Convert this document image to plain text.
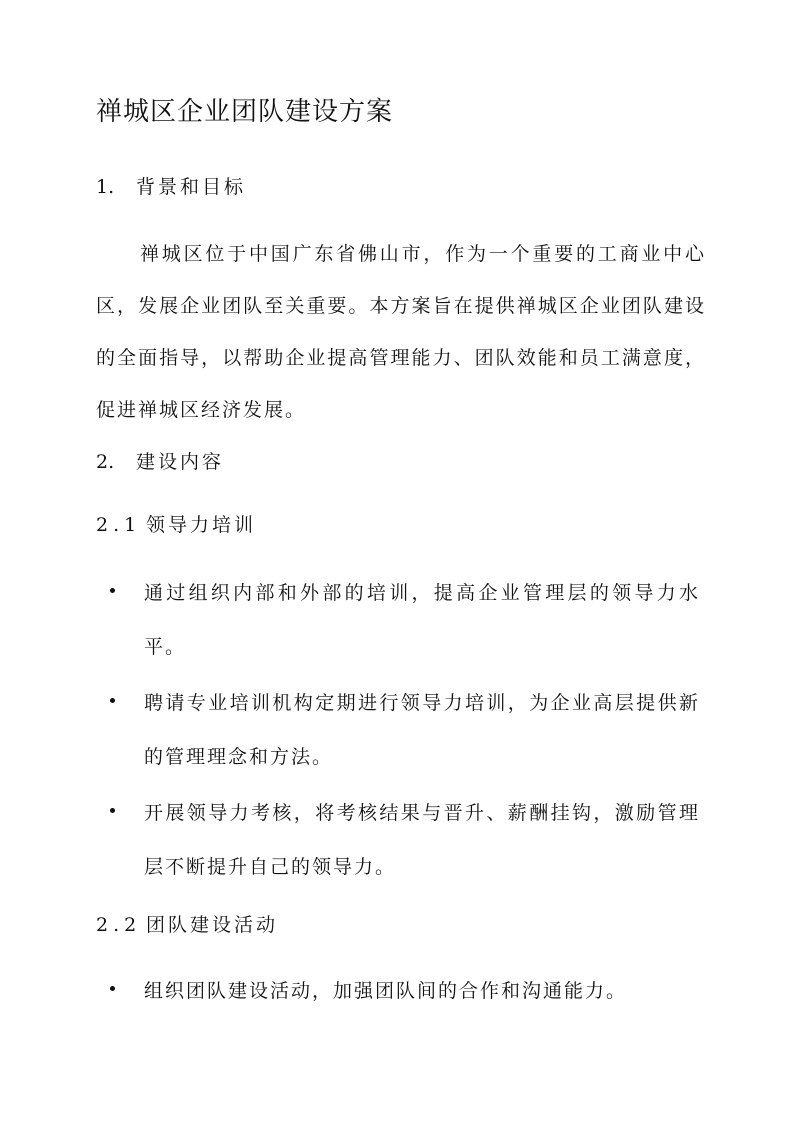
禅城区企业团队建设方案
1. 背景和目标
禅城区位于中国广东省佛山市，作为一个重要的工商业中心区，发展企业团队至关重要。本方案旨在提供禅城区企业团队建设的全面指导，以帮助企业提高管理能力、团队效能和员工满意度，促进禅城区经济发展。
2. 建设内容
2.1 领导力培训
通过组织内部和外部的培训，提高企业管理层的领导力水平。
聘请专业培训机构定期进行领导力培训，为企业高层提供新的管理理念和方法。
开展领导力考核，将考核结果与晋升、薪酬挂钩，激励管理层不断提升自己的领导力。
2.2 团队建设活动
组织团队建设活动，加强团队间的合作和沟通能力。
